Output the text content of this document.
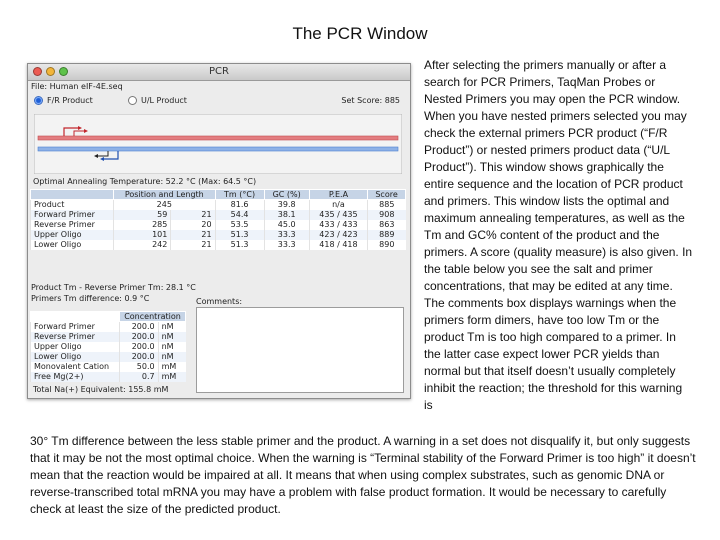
The PCR Window
PCR
File: Human eIF-4E.seq
F/R Product	U/L Product	Set Score: 885
Optimal Annealing Temperature: 52.2 °C (Max: 64.5 °C)
	Position and Length		Tm (°C)	GC (%)	P.E.A	Score
Product	245		81.6	39.8	n/a	885
Forward Primer	59	21	54.4	38.1	435 / 435	908
Reverse Primer	285	20	53.5	45.0	433 / 433	863
Upper Oligo	101	21	51.3	33.3	423 / 423	889
Lower Oligo	242	21	51.3	33.3	418 / 418	890
Product Tm - Reverse Primer Tm: 28.1 °C
Primers Tm difference: 0.9 °C	Comments:
	Concentration	
Forward Primer	200.0	nM
Reverse Primer	200.0	nM
Upper Oligo	200.0	nM
Lower Oligo	200.0	nM
Monovalent Cation	50.0	mM
Free Mg(2+)	0.7	mM
Total Na(+) Equivalent: 155.8 mM

After selecting the primers manually or after a search for PCR Primers, TaqMan Probes or Nested Primers you may open the PCR window. When you have nested primers selected you may check the external primers PCR product (“F/R Product”) or nested primers product data (“U/L Product”). This window shows graphically the entire sequence and the location of PCR product and primers. This window lists the optimal and maximum annealing temperatures, as well as the Tm and GC% content of the product and the primers. A score (quality measure) is also given. In the table below you see the salt and primer concentrations, that may be edited at any time. The comments box displays warnings when the primers form dimers, have too low Tm or the product Tm is too high compared to a primer. In the latter case expect lower PCR yields than normal but that itself doesn’t usually completely inhibit the reaction; the threshold for this warning is

30° Tm difference between the less stable primer and the product. A warning in a set does not disqualify it, but only suggests that it may be not the most optimal choice. When the warning is “Terminal stability of the Forward Primer is too high” it doesn’t mean that the reaction would be impaired at all. It means that when using complex substrates, such as genomic DNA or reverse-transcribed total mRNA you may have a problem with false product formation. It would be necessary to carefully check at least the size of the predicted product.
